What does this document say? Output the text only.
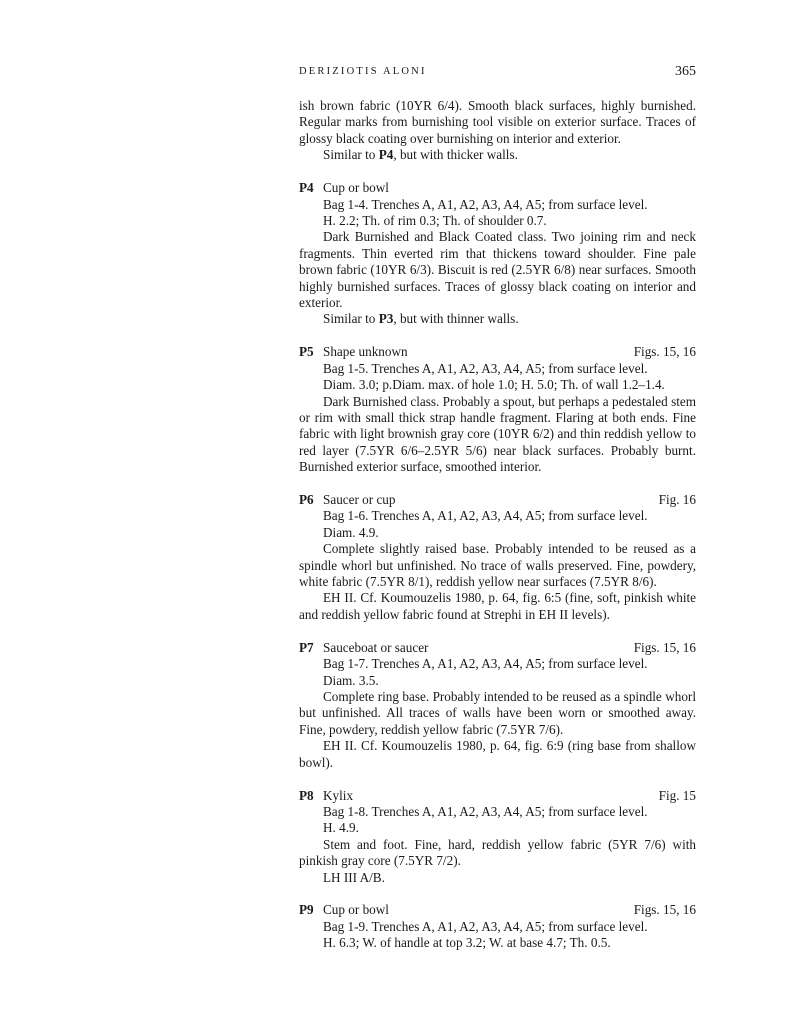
DERIZIOTIS ALONI	365

ish brown fabric (10YR 6/4). Smooth black surfaces, highly burnished. Regular marks from burnishing tool visible on exterior surface. Traces of glossy black coating over burnishing on interior and exterior.

Similar to P4, but with thicker walls.

P4 Cup or bowl

Bag 1-4. Trenches A, A1, A2, A3, A4, A5; from surface level.

H. 2.2; Th. of rim 0.3; Th. of shoulder 0.7.

Dark Burnished and Black Coated class. Two joining rim and neck fragments. Thin everted rim that thickens toward shoulder. Fine pale brown fabric (10YR 6/3). Biscuit is red (2.5YR 6/8) near surfaces. Smooth highly burnished surfaces. Traces of glossy black coating on interior and exterior.

Similar to P3, but with thinner walls.

P5 Shape unknown	Figs. 15, 16

Bag 1-5. Trenches A, A1, A2, A3, A4, A5; from surface level.

Diam. 3.0; p.Diam. max. of hole 1.0; H. 5.0; Th. of wall 1.2–1.4.

Dark Burnished class. Probably a spout, but perhaps a pedestaled stem or rim with small thick strap handle fragment. Flaring at both ends. Fine fabric with light brownish gray core (10YR 6/2) and thin reddish yellow to red layer (7.5YR 6/6–2.5YR 5/6) near black surfaces. Probably burnt. Burnished exterior surface, smoothed interior.

P6 Saucer or cup	Fig. 16

Bag 1-6. Trenches A, A1, A2, A3, A4, A5; from surface level.

Diam. 4.9.

Complete slightly raised base. Probably intended to be reused as a spindle whorl but unfinished. No trace of walls preserved. Fine, powdery, white fabric (7.5YR 8/1), reddish yellow near surfaces (7.5YR 8/6).

EH II. Cf. Koumouzelis 1980, p. 64, fig. 6:5 (fine, soft, pinkish white and reddish yellow fabric found at Strephi in EH II levels).

P7 Sauceboat or saucer	Figs. 15, 16

Bag 1-7. Trenches A, A1, A2, A3, A4, A5; from surface level.

Diam. 3.5.

Complete ring base. Probably intended to be reused as a spindle whorl but unfinished. All traces of walls have been worn or smoothed away. Fine, powdery, reddish yellow fabric (7.5YR 7/6).

EH II. Cf. Koumouzelis 1980, p. 64, fig. 6:9 (ring base from shallow bowl).

P8 Kylix	Fig. 15

Bag 1-8. Trenches A, A1, A2, A3, A4, A5; from surface level.

H. 4.9.

Stem and foot. Fine, hard, reddish yellow fabric (5YR 7/6) with pinkish gray core (7.5YR 7/2).

LH III A/B.

P9 Cup or bowl	Figs. 15, 16

Bag 1-9. Trenches A, A1, A2, A3, A4, A5; from surface level.

H. 6.3; W. of handle at top 3.2; W. at base 4.7; Th. 0.5.
